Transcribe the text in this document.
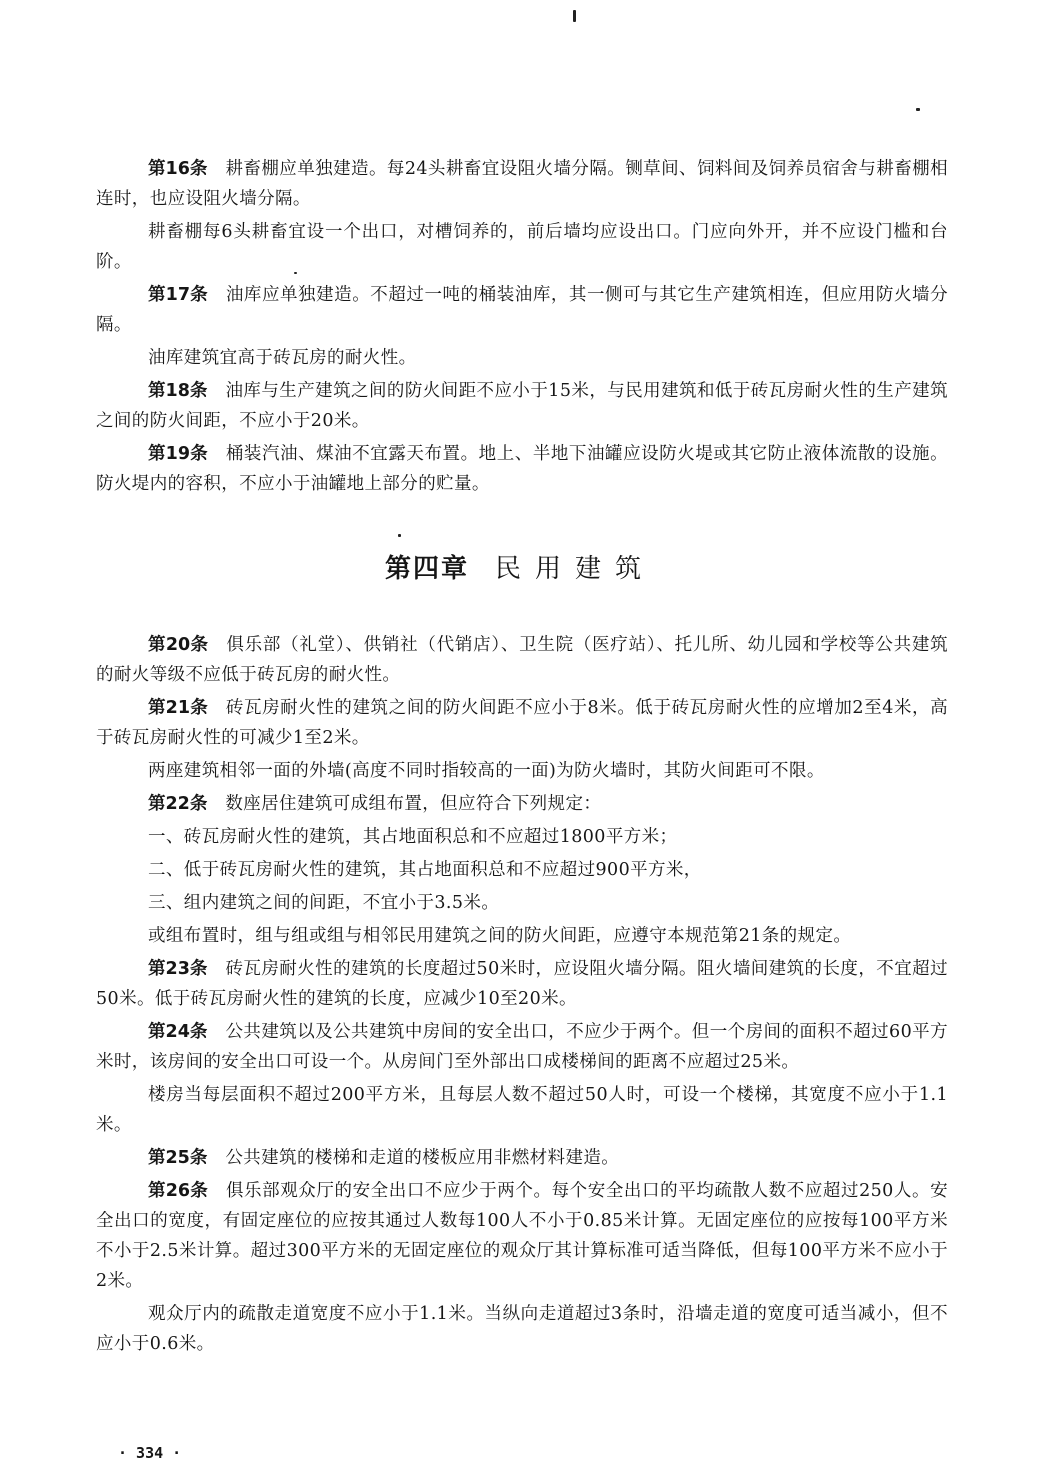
第16条 耕畜棚应单独建造。每24头耕畜宜设阻火墙分隔。铡草间、饲料间及饲养员宿舍与耕畜棚相连时，也应设阻火墙分隔。

耕畜棚每6头耕畜宜设一个出口，对槽饲养的，前后墙均应设出口。门应向外开，并不应设门槛和台阶。

第17条 油库应单独建造。不超过一吨的桶装油库，其一侧可与其它生产建筑相连，但应用防火墙分隔。

油库建筑宜高于砖瓦房的耐火性。

第18条 油库与生产建筑之间的防火间距不应小于15米，与民用建筑和低于砖瓦房耐火性的生产建筑之间的防火间距，不应小于20米。

第19条 桶装汽油、煤油不宜露天布置。地上、半地下油罐应设防火堤或其它防止液体流散的设施。防火堤内的容积，不应小于油罐地上部分的贮量。

第四章 民用建筑

第20条 俱乐部（礼堂）、供销社（代销店）、卫生院（医疗站）、托儿所、幼儿园和学校等公共建筑的耐火等级不应低于砖瓦房的耐火性。

第21条 砖瓦房耐火性的建筑之间的防火间距不应小于8米。低于砖瓦房耐火性的应增加2至4米，高于砖瓦房耐火性的可减少1至2米。

两座建筑相邻一面的外墙(高度不同时指较高的一面)为防火墙时，其防火间距可不限。

第22条 数座居住建筑可成组布置，但应符合下列规定：

一、砖瓦房耐火性的建筑，其占地面积总和不应超过1800平方米；

二、低于砖瓦房耐火性的建筑，其占地面积总和不应超过900平方米，

三、组内建筑之间的间距，不宜小于3.5米。

或组布置时，组与组或组与相邻民用建筑之间的防火间距，应遵守本规范第21条的规定。

第23条 砖瓦房耐火性的建筑的长度超过50米时，应设阻火墙分隔。阻火墙间建筑的长度，不宜超过50米。低于砖瓦房耐火性的建筑的长度，应减少10至20米。

第24条 公共建筑以及公共建筑中房间的安全出口，不应少于两个。但一个房间的面积不超过60平方米时，该房间的安全出口可设一个。从房间门至外部出口成楼梯间的距离不应超过25米。

楼房当每层面积不超过200平方米，且每层人数不超过50人时，可设一个楼梯，其宽度不应小于1.1米。

第25条 公共建筑的楼梯和走道的楼板应用非燃材料建造。

第26条 俱乐部观众厅的安全出口不应少于两个。每个安全出口的平均疏散人数不应超过250人。安全出口的宽度，有固定座位的应按其通过人数每100人不小于0.85米计算。无固定座位的应按每100平方米不小于2.5米计算。超过300平方米的无固定座位的观众厅其计算标准可适当降低，但每100平方米不应小于2米。

观众厅内的疏散走道宽度不应小于1.1米。当纵向走道超过3条时，沿墙走道的宽度可适当减小，但不应小于0.6米。

· 334 ·
